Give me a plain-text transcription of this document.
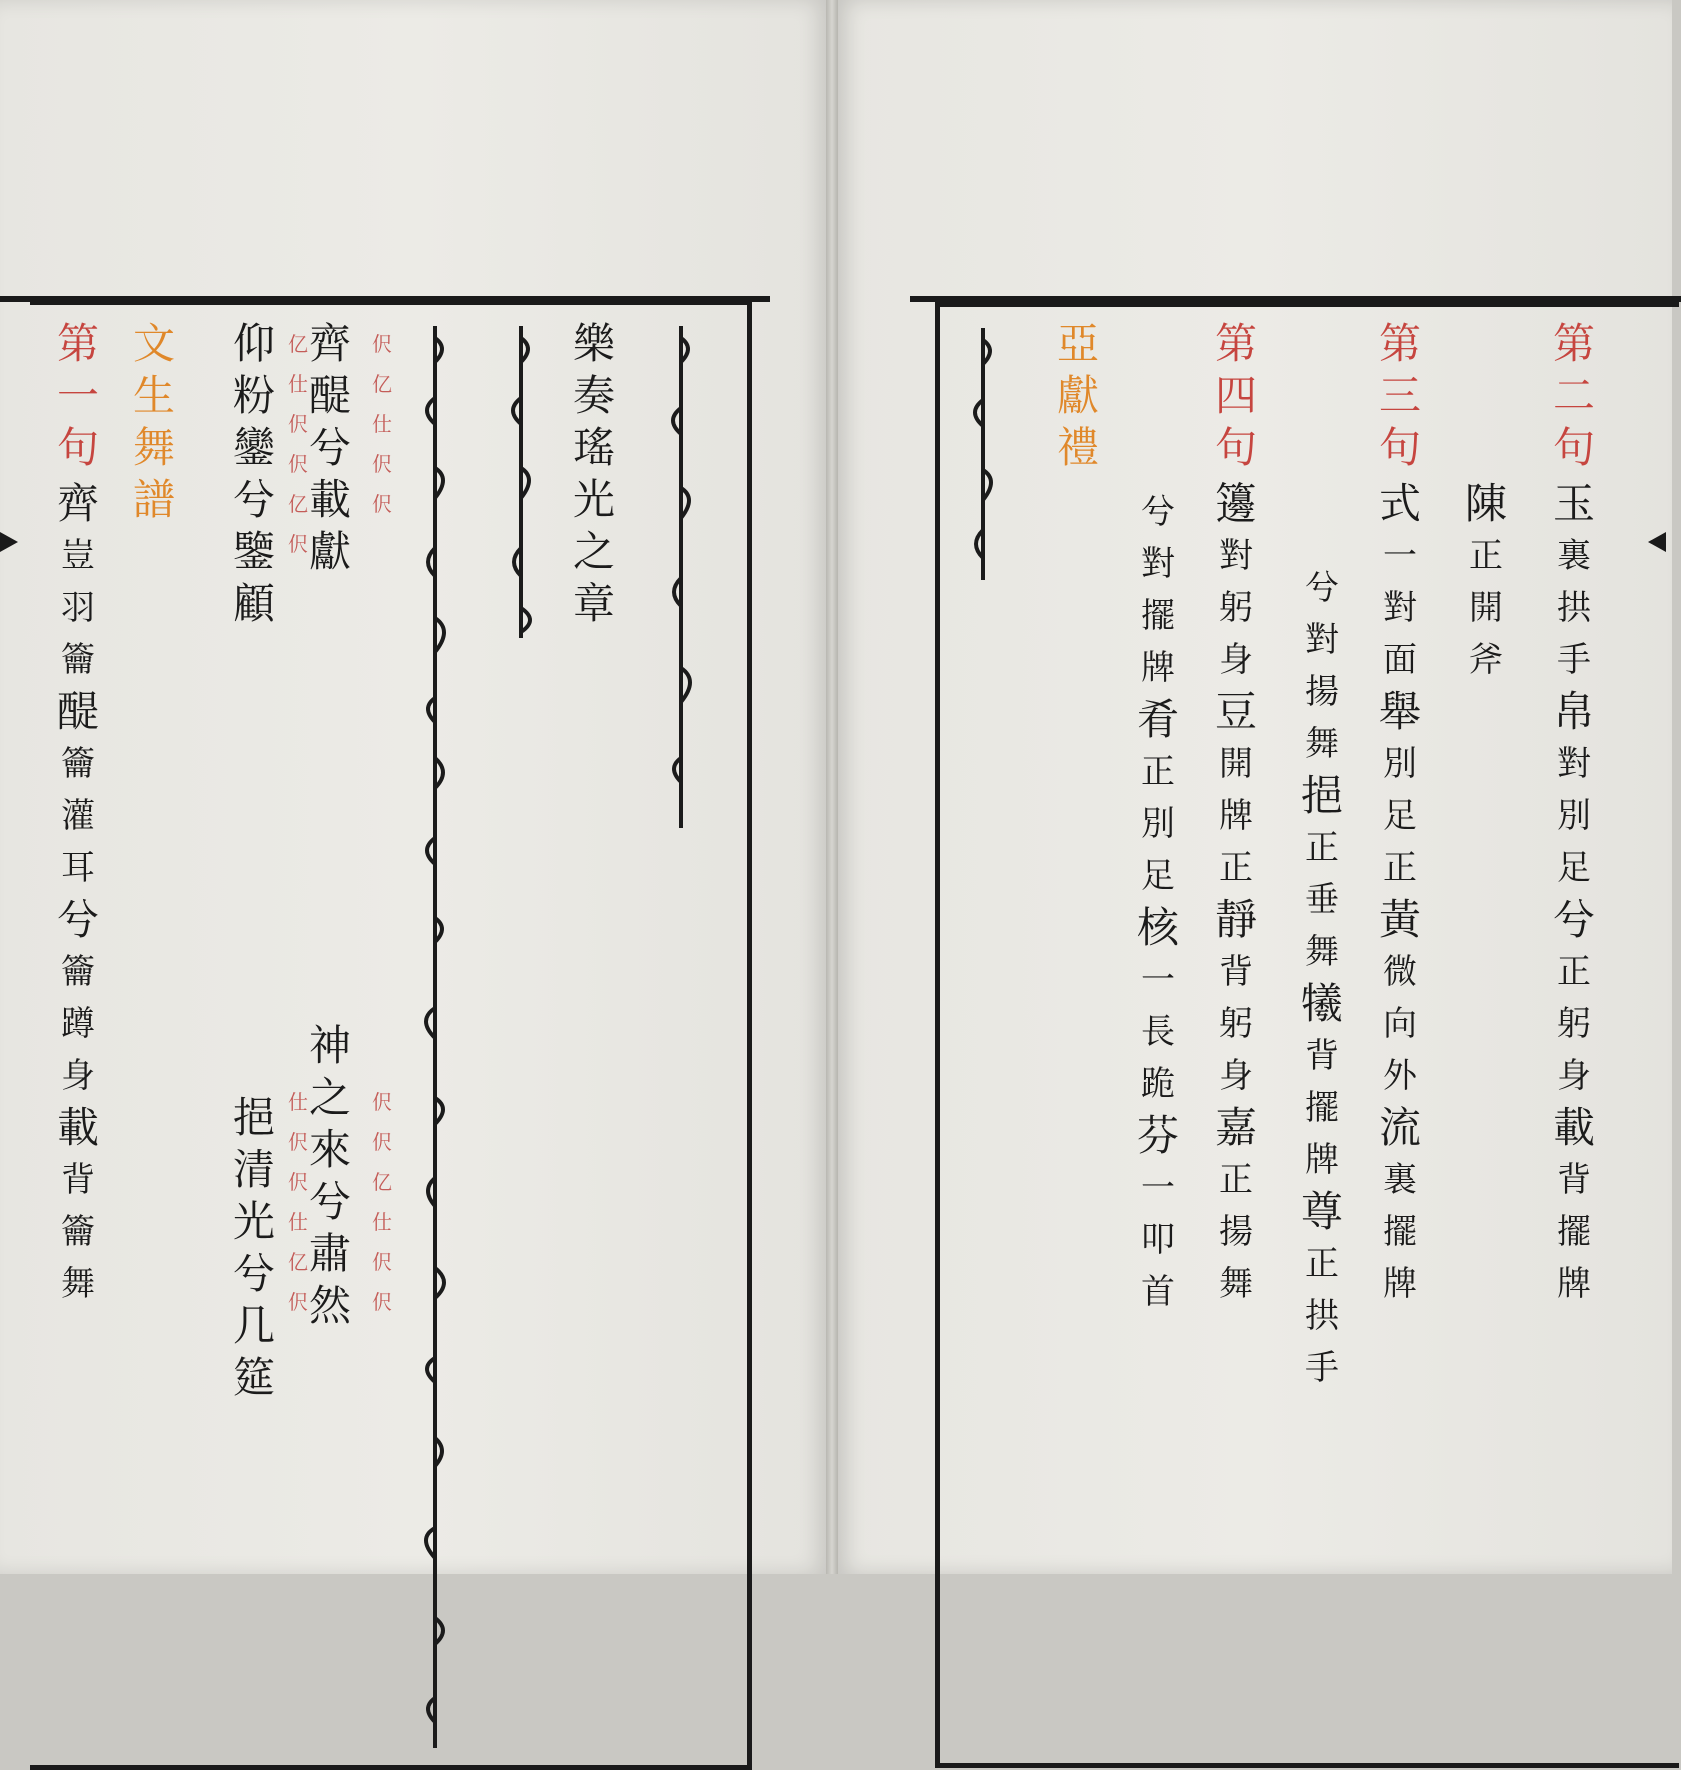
第
一
句
齊
豈
羽
籥
醍
籥
灌
耳
兮
籥
蹲
身
載
背
籥
舞
文
生
舞
譜
仰
粉
鑾
兮
鑒
顧
挹
清
光
兮
几
筵
亿
仕
伬
伬
亿
伬
仕
伬
伬
仕
亿
伬
齊
醍
兮
載
獻
神
之
來
兮
肅
然
伬
亿
仕
伬
伬
伬
伬
亿
仕
伬
伬
樂
奏
瑤
光
之
章
亞
獻
禮
兮
對
擺
牌
肴
正
別
足
核
一
長
跪
芬
一
叩
首
第
四
句
籩
對
躬
身
豆
開
牌
正
靜
背
躬
身
嘉
正
揚
舞
兮
對
揚
舞
挹
正
垂
舞
犧
背
擺
牌
尊
正
拱
手
第
三
句
式
一
對
面
舉
別
足
正
黃
微
向
外
流
裏
擺
牌
陳
正
開
斧
第
二
句
玉
裏
拱
手
帛
對
別
足
兮
正
躬
身
載
背
擺
牌
